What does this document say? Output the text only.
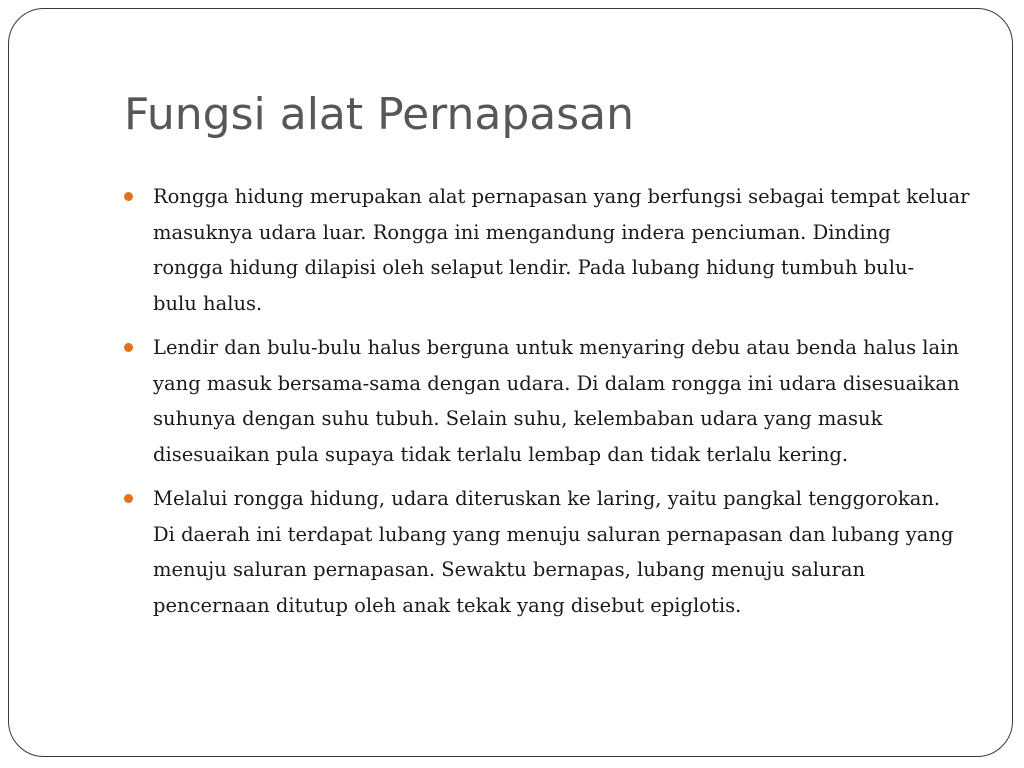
Fungsi alat Pernapasan
Rongga hidung merupakan alat pernapasan yang berfungsi sebagai tempat keluar
masuknya udara luar. Rongga ini mengandung indera penciuman. Dinding
rongga hidung dilapisi oleh selaput lendir. Pada lubang hidung tumbuh bulu-
bulu halus.
Lendir dan bulu-bulu halus berguna untuk menyaring debu atau benda halus lain
yang masuk bersama-sama dengan udara. Di dalam rongga ini udara disesuaikan
suhunya dengan suhu tubuh. Selain suhu, kelembaban udara yang masuk
disesuaikan pula supaya tidak terlalu lembap dan tidak terlalu kering.
Melalui rongga hidung, udara diteruskan ke laring, yaitu pangkal tenggorokan.
Di daerah ini terdapat lubang yang menuju saluran pernapasan dan lubang yang
menuju saluran pernapasan. Sewaktu bernapas, lubang menuju saluran
pencernaan ditutup oleh anak tekak yang disebut epiglotis.
